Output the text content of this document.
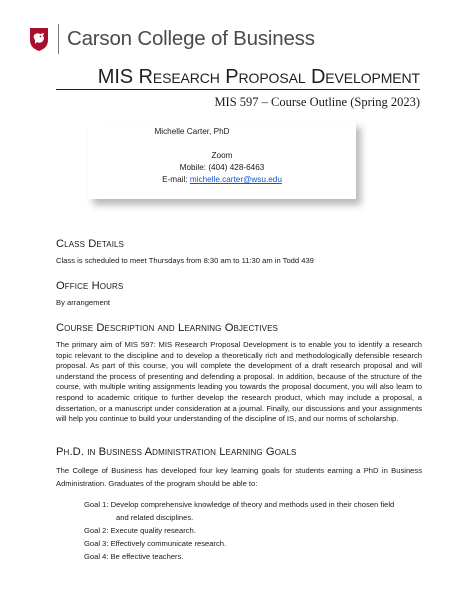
Carson College of Business
MIS Research Proposal Development
MIS 597 – Course Outline (Spring 2023)
Michelle Carter, PhD
Zoom
Mobile: (404) 428-6463
E-mail: michelle.carter@wsu.edu
Class Details
Class is scheduled to meet Thursdays from 8:30 am to 11:30 am in Todd 439
Office Hours
By arrangement
Course Description and Learning Objectives
The primary aim of MIS 597: MIS Research Proposal Development is to enable you to identify a research topic relevant to the discipline and to develop a theoretically rich and methodologically defensible research proposal. As part of this course, you will complete the development of a draft research proposal and will understand the process of presenting and defending a proposal. In addition, because of the structure of the course, with multiple writing assignments leading you towards the proposal document, you will also learn to respond to academic critique to further develop the research product, which may include a proposal, a dissertation, or a manuscript under consideration at a journal. Finally, our discussions and your assignments will help you continue to build your understanding of the discipline of IS, and our norms of scholarship.
Ph.D. in Business Administration Learning Goals
The College of Business has developed four key learning goals for students earning a PhD in Business Administration. Graduates of the program should be able to:
Goal 1: Develop comprehensive knowledge of theory and methods used in their chosen field
and related disciplines.
Goal 2: Execute quality research.
Goal 3: Effectively communicate research.
Goal 4: Be effective teachers.
